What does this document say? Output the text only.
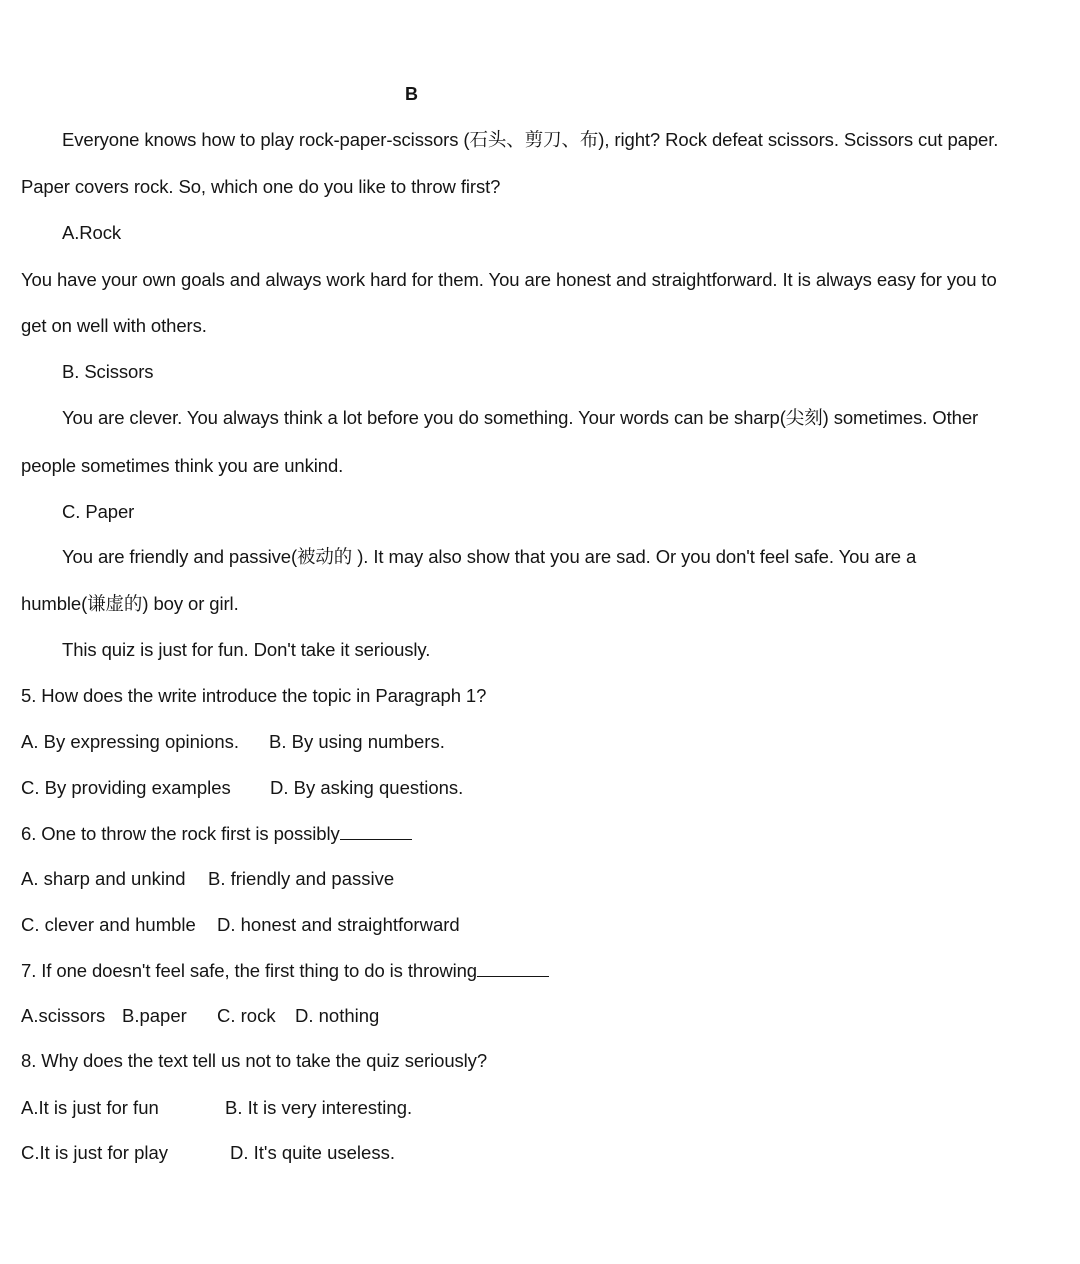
B
Everyone knows how to play rock-paper-scissors (石头、剪刀、布), right? Rock defeat scissors. Scissors cut paper.
Paper covers rock. So, which one do you like to throw first?
A.Rock
You have your own goals and always work hard for them. You are honest and straightforward. It is always easy for you to
get on well with others.
B. Scissors
You are clever. You always think a lot before you do something. Your words can be sharp(尖刻) sometimes. Other
people sometimes think you are unkind.
C. Paper
You are friendly and passive(被动的 ). It may also show that you are sad. Or you don't feel safe. You are a
humble(谦虚的) boy or girl.
This quiz is just for fun. Don't take it seriously.
5. How does the write introduce the topic in Paragraph 1?
A. By expressing opinions. B. By using numbers.
C. By providing examples D. By asking questions.
6. One to throw the rock first is possibly
A. sharp and unkind B. friendly and passive
C. clever and humble D. honest and straightforward
7. If one doesn't feel safe, the first thing to do is throwing
A.scissors B.paper C. rock D. nothing
8. Why does the text tell us not to take the quiz seriously?
A.It is just for fun	B. It is very interesting.
C.It is just for play	D. It's quite useless.
